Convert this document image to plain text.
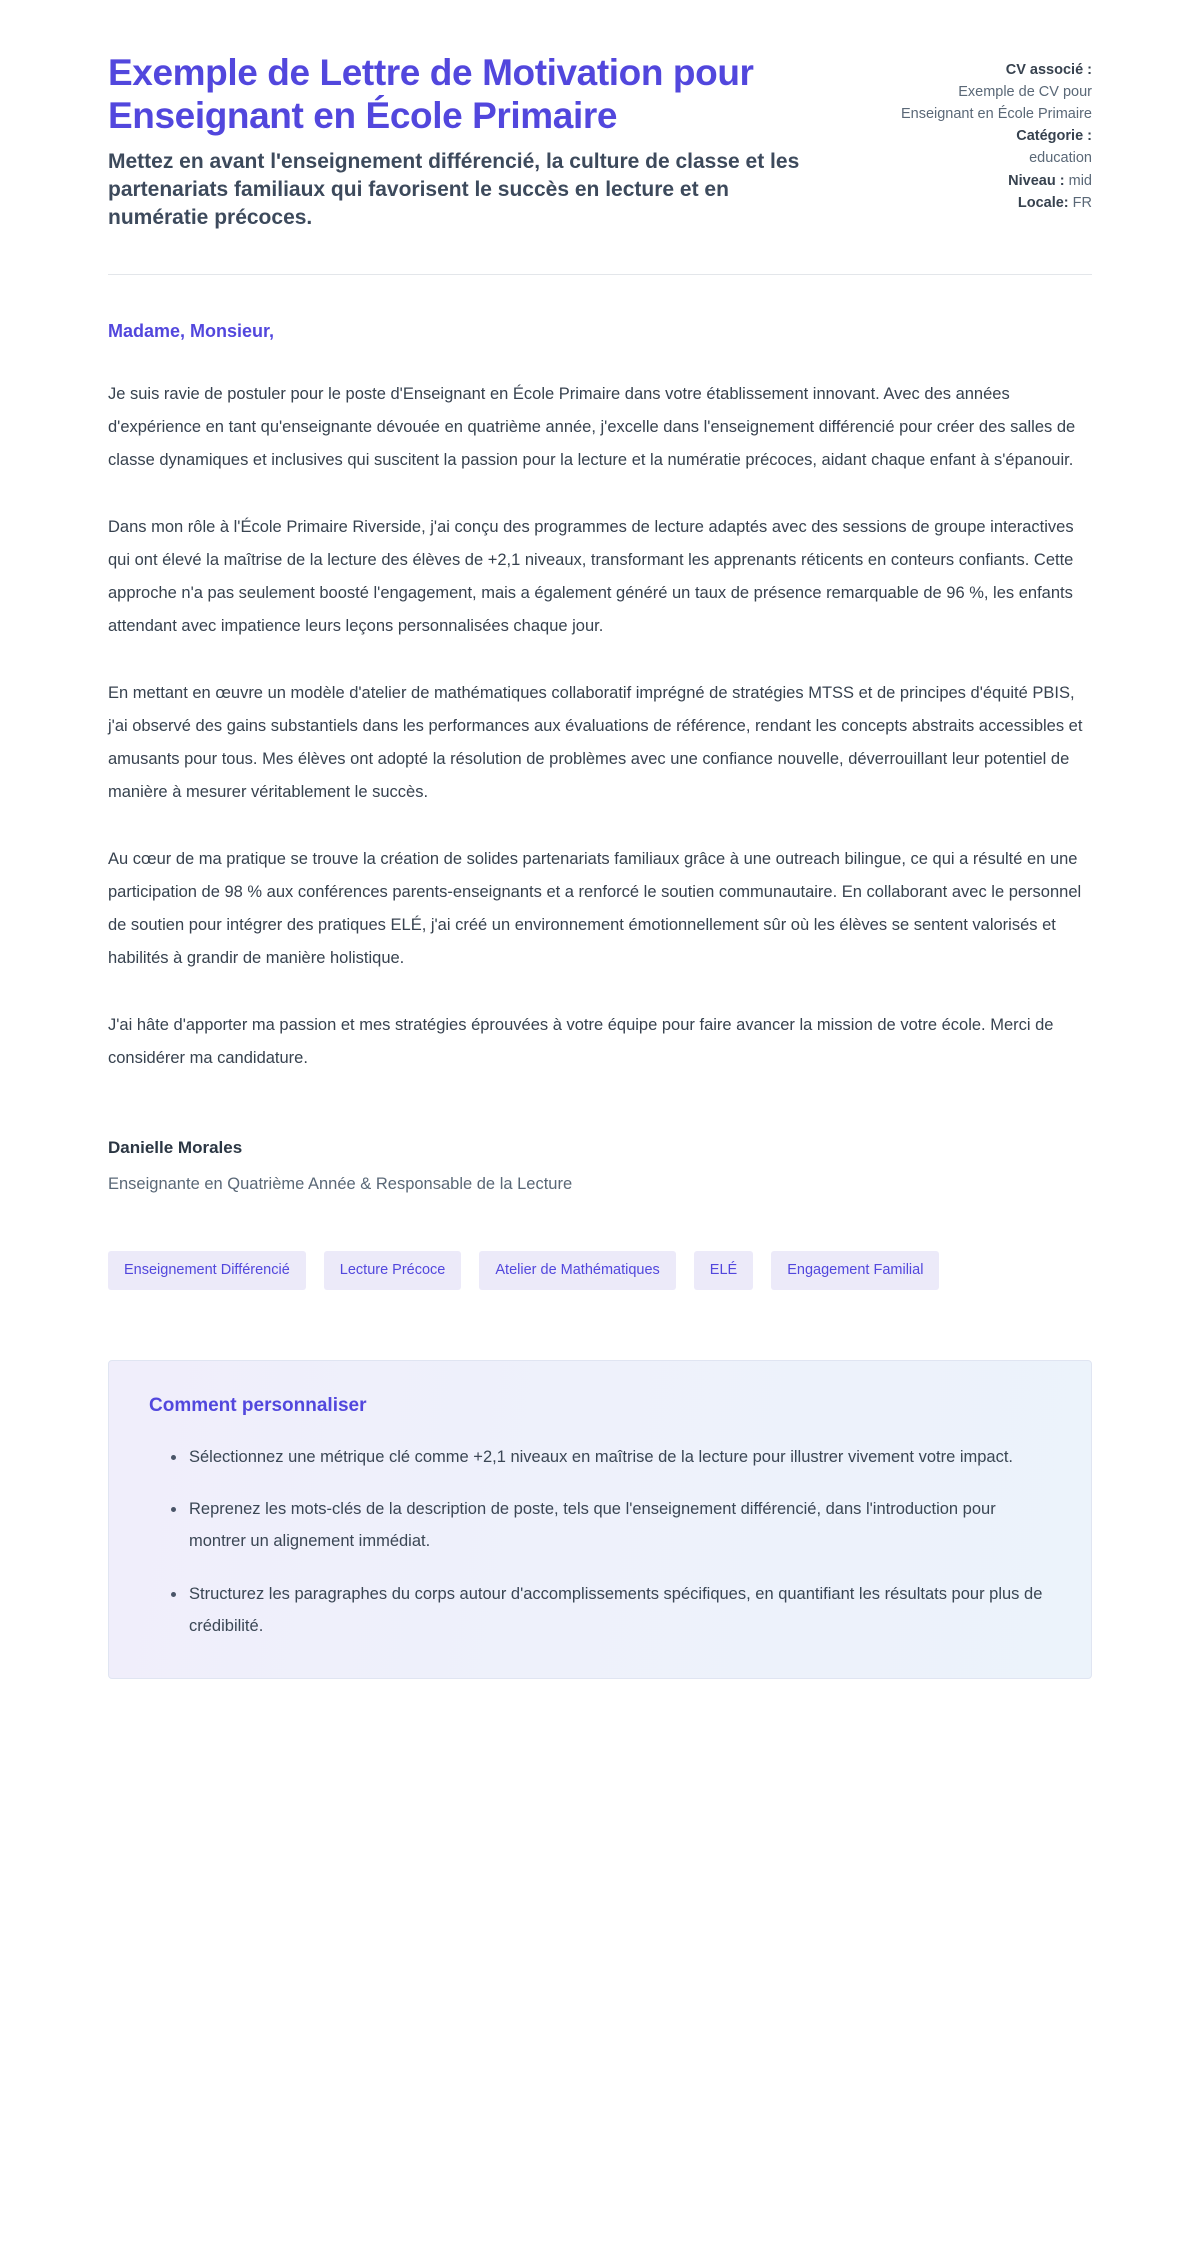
Exemple de Lettre de Motivation pour Enseignant en École Primaire

Mettez en avant l'enseignement différencié, la culture de classe et les partenariats familiaux qui favorisent le succès en lecture et en numératie précoces.

CV associé :
Exemple de CV pour Enseignant en École Primaire
Catégorie :
education
Niveau : mid
Locale: FR

Madame, Monsieur,

Je suis ravie de postuler pour le poste d'Enseignant en École Primaire dans votre établissement innovant. Avec des années d'expérience en tant qu'enseignante dévouée en quatrième année, j'excelle dans l'enseignement différencié pour créer des salles de classe dynamiques et inclusives qui suscitent la passion pour la lecture et la numératie précoces, aidant chaque enfant à s'épanouir.

Dans mon rôle à l'École Primaire Riverside, j'ai conçu des programmes de lecture adaptés avec des sessions de groupe interactives qui ont élevé la maîtrise de la lecture des élèves de +2,1 niveaux, transformant les apprenants réticents en conteurs confiants. Cette approche n'a pas seulement boosté l'engagement, mais a également généré un taux de présence remarquable de 96 %, les enfants attendant avec impatience leurs leçons personnalisées chaque jour.

En mettant en œuvre un modèle d'atelier de mathématiques collaboratif imprégné de stratégies MTSS et de principes d'équité PBIS, j'ai observé des gains substantiels dans les performances aux évaluations de référence, rendant les concepts abstraits accessibles et amusants pour tous. Mes élèves ont adopté la résolution de problèmes avec une confiance nouvelle, déverrouillant leur potentiel de manière à mesurer véritablement le succès.

Au cœur de ma pratique se trouve la création de solides partenariats familiaux grâce à une outreach bilingue, ce qui a résulté en une participation de 98 % aux conférences parents-enseignants et a renforcé le soutien communautaire. En collaborant avec le personnel de soutien pour intégrer des pratiques ELÉ, j'ai créé un environnement émotionnellement sûr où les élèves se sentent valorisés et habilités à grandir de manière holistique.

J'ai hâte d'apporter ma passion et mes stratégies éprouvées à votre équipe pour faire avancer la mission de votre école. Merci de considérer ma candidature.

Danielle Morales

Enseignante en Quatrième Année & Responsable de la Lecture

Enseignement Différencié	Lecture Précoce	Atelier de Mathématiques	ELÉ	Engagement Familial
Comment personnaliser
Sélectionnez une métrique clé comme +2,1 niveaux en maîtrise de la lecture pour illustrer vivement votre impact.
Reprenez les mots-clés de la description de poste, tels que l'enseignement différencié, dans l'introduction pour montrer un alignement immédiat.
Structurez les paragraphes du corps autour d'accomplissements spécifiques, en quantifiant les résultats pour plus de crédibilité.
